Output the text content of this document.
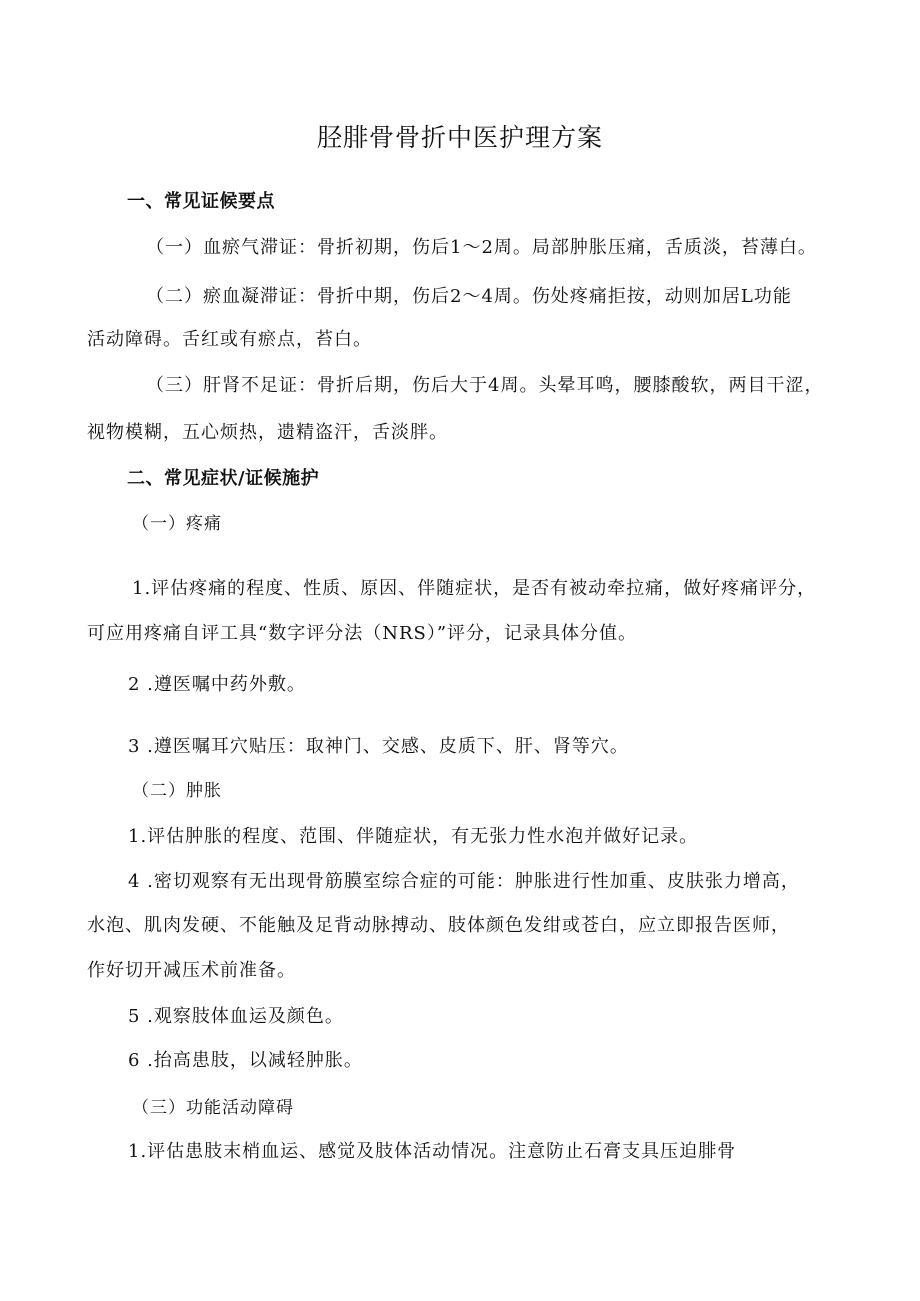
胫腓骨骨折中医护理方案
一、常见证候要点
（一）血瘀气滞证：骨折初期，伤后1～2周。局部肿胀压痛，舌质淡，苔薄白。
（二）瘀血凝滞证：骨折中期，伤后2～4周。伤处疼痛拒按，动则加居L功能
活动障碍。舌红或有瘀点，苔白。
（三）肝肾不足证：骨折后期，伤后大于4周。头晕耳鸣，腰膝酸软，两目干涩，
视物模糊，五心烦热，遗精盗汗，舌淡胖。
二、常见症状/证候施护
（一）疼痛
1.评估疼痛的程度、性质、原因、伴随症状，是否有被动牵拉痛，做好疼痛评分，
可应用疼痛自评工具“数字评分法（NRS）”评分，记录具体分值。
2 .遵医嘱中药外敷。
3 .遵医嘱耳穴贴压：取神门、交感、皮质下、肝、肾等穴。
（二）肿胀
1.评估肿胀的程度、范围、伴随症状，有无张力性水泡并做好记录。
4 .密切观察有无出现骨筋膜室综合症的可能：肿胀进行性加重、皮肤张力增高，
水泡、肌肉发硬、不能触及足背动脉搏动、肢体颜色发绀或苍白，应立即报告医师，
作好切开减压术前准备。
5 .观察肢体血运及颜色。
6 .抬高患肢，以减轻肿胀。
（三）功能活动障碍
1.评估患肢末梢血运、感觉及肢体活动情况。注意防止石膏支具压迫腓骨
